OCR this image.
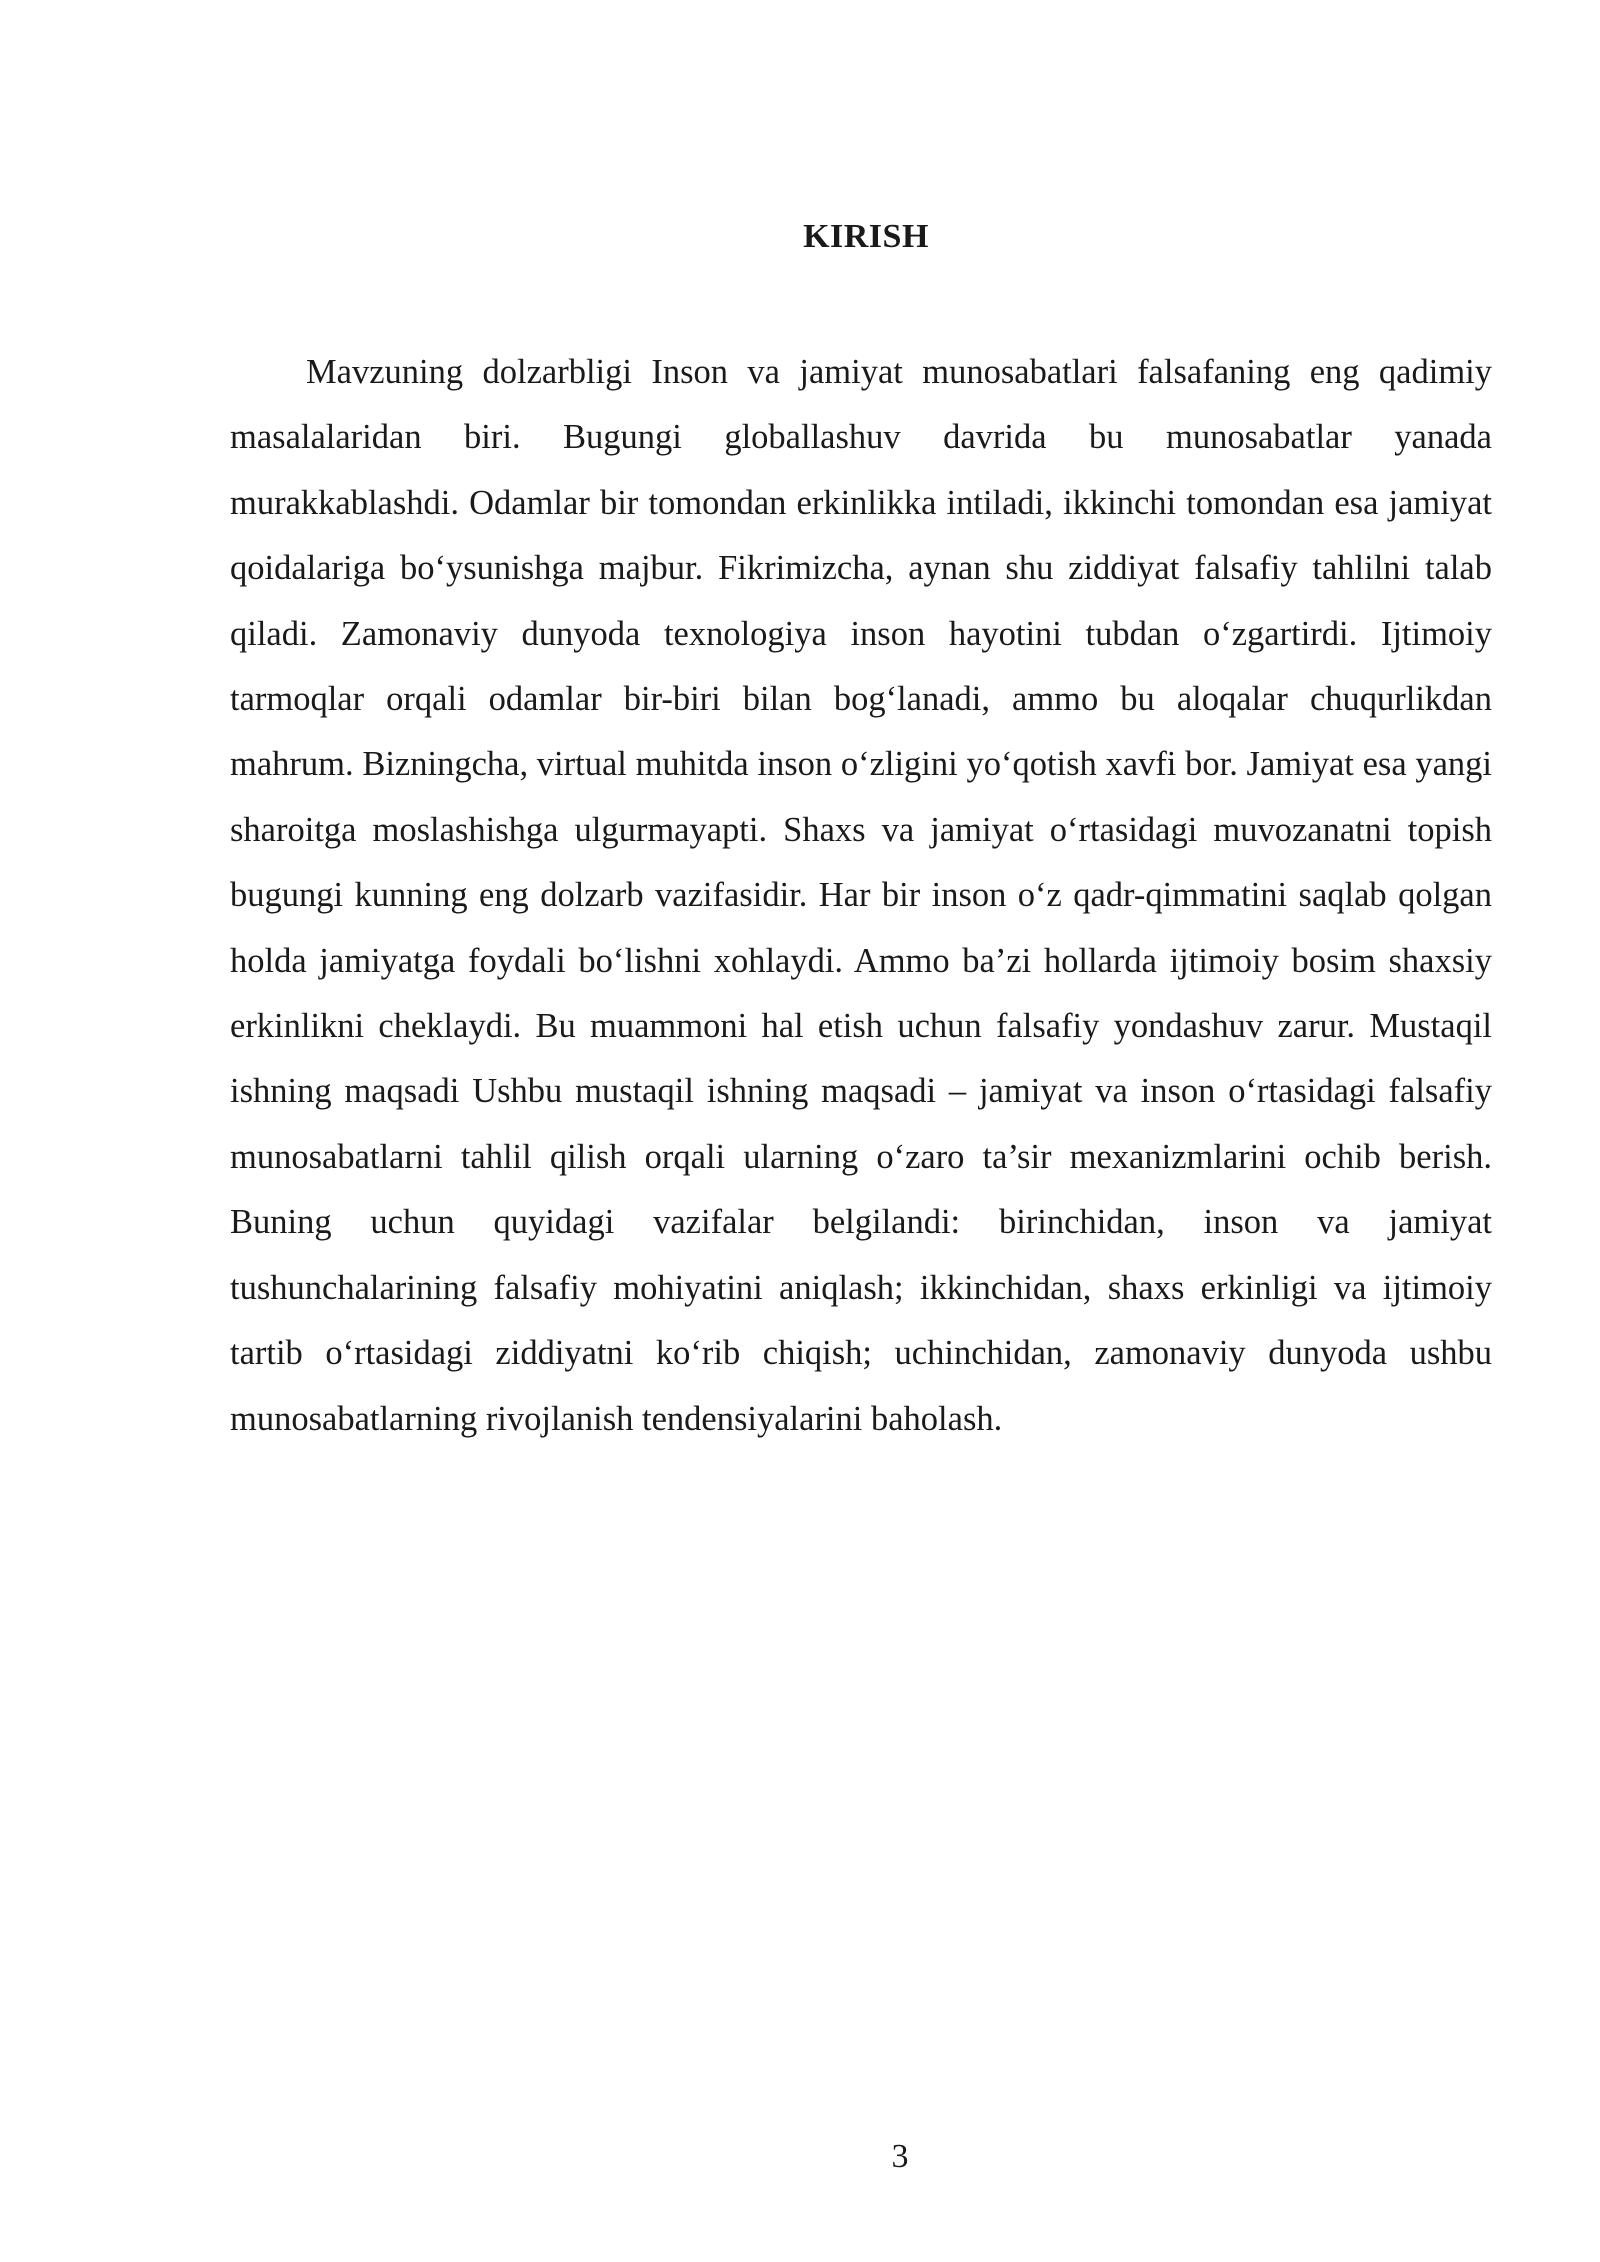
KIRISH

Mavzuning dolzarbligi Inson va jamiyat munosabatlari falsafaning eng qadimiy masalalaridan biri. Bugungi globallashuv davrida bu munosabatlar yanada murakkablashdi. Odamlar bir tomondan erkinlikka intiladi, ikkinchi tomondan esa jamiyat qoidalariga bo‘ysunishga majbur. Fikrimizcha, aynan shu ziddiyat falsafiy tahlilni talab qiladi. Zamonaviy dunyoda texnologiya inson hayotini tubdan o‘zgartirdi. Ijtimoiy tarmoqlar orqali odamlar bir-biri bilan bog‘lanadi, ammo bu aloqalar chuqurlikdan mahrum. Bizningcha, virtual muhitda inson o‘zligini yo‘qotish xavfi bor. Jamiyat esa yangi sharoitga moslashishga ulgurmayapti. Shaxs va jamiyat o‘rtasidagi muvozanatni topish bugungi kunning eng dolzarb vazifasidir. Har bir inson o‘z qadr-qimmatini saqlab qolgan holda jamiyatga foydali bo‘lishni xohlaydi. Ammo ba’zi hollarda ijtimoiy bosim shaxsiy erkinlikni cheklaydi. Bu muammoni hal etish uchun falsafiy yondashuv zarur. Mustaqil ishning maqsadi Ushbu mustaqil ishning maqsadi – jamiyat va inson o‘rtasidagi falsafiy munosabatlarni tahlil qilish orqali ularning o‘zaro ta’sir mexanizmlarini ochib berish. Buning uchun quyidagi vazifalar belgilandi: birinchidan, inson va jamiyat tushunchalarining falsafiy mohiyatini aniqlash; ikkinchidan, shaxs erkinligi va ijtimoiy tartib o‘rtasidagi ziddiyatni ko‘rib chiqish; uchinchidan, zamonaviy dunyoda ushbu munosabatlarning rivojlanish tendensiyalarini baholash.

3
